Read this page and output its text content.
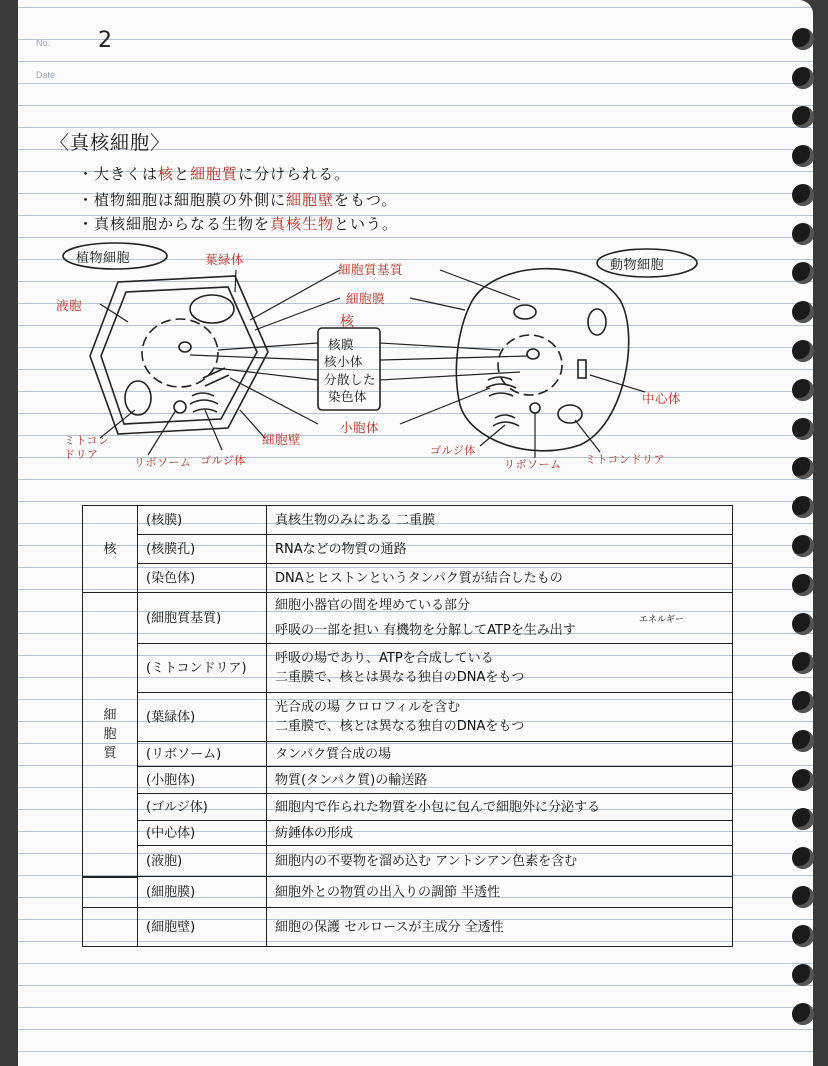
No.
Date
2
〈真核細胞〉
・大きくは核と細胞質に分けられる。
・植物細胞は細胞膜の外側に細胞壁をもつ。
・真核細胞からなる生物を真核生物という。
植物細胞	動物細胞
葉緑体
液胞
ミトコン
ドリア
リボソーム ゴルジ体
細胞壁
細胞質基質
細胞膜
核
核膜
核小体
分散した
染色体
小胞体
ゴルジ体
リボソーム ミトコンドリア
中心体
核	(核膜)	真核生物のみにある 二重膜
	(核膜孔)	RNAなどの物質の通路
	(染色体)	DNAとヒストンというタンパク質が結合したもの
細
胞
質	(細胞質基質)	細胞小器官の間を埋めている部分
エネルギー
呼吸の一部を担い 有機物を分解してATPを生み出す
	(ミトコンドリア)	呼吸の場であり、ATPを合成している
二重膜で、核とは異なる独自のDNAをもつ
	(葉緑体)	光合成の場 クロロフィルを含む
二重膜で、核とは異なる独自のDNAをもつ
	(リボソーム)	タンパク質合成の場
	(小胞体)	物質(タンパク質)の輸送路
	(ゴルジ体)	細胞内で作られた物質を小包に包んで細胞外に分泌する
	(中心体)	紡錘体の形成
	(液胞)	細胞内の不要物を溜め込む アントシアン色素を含む
	(細胞膜)	細胞外との物質の出入りの調節 半透性
	(細胞壁)	細胞の保護 セルロースが主成分 全透性
